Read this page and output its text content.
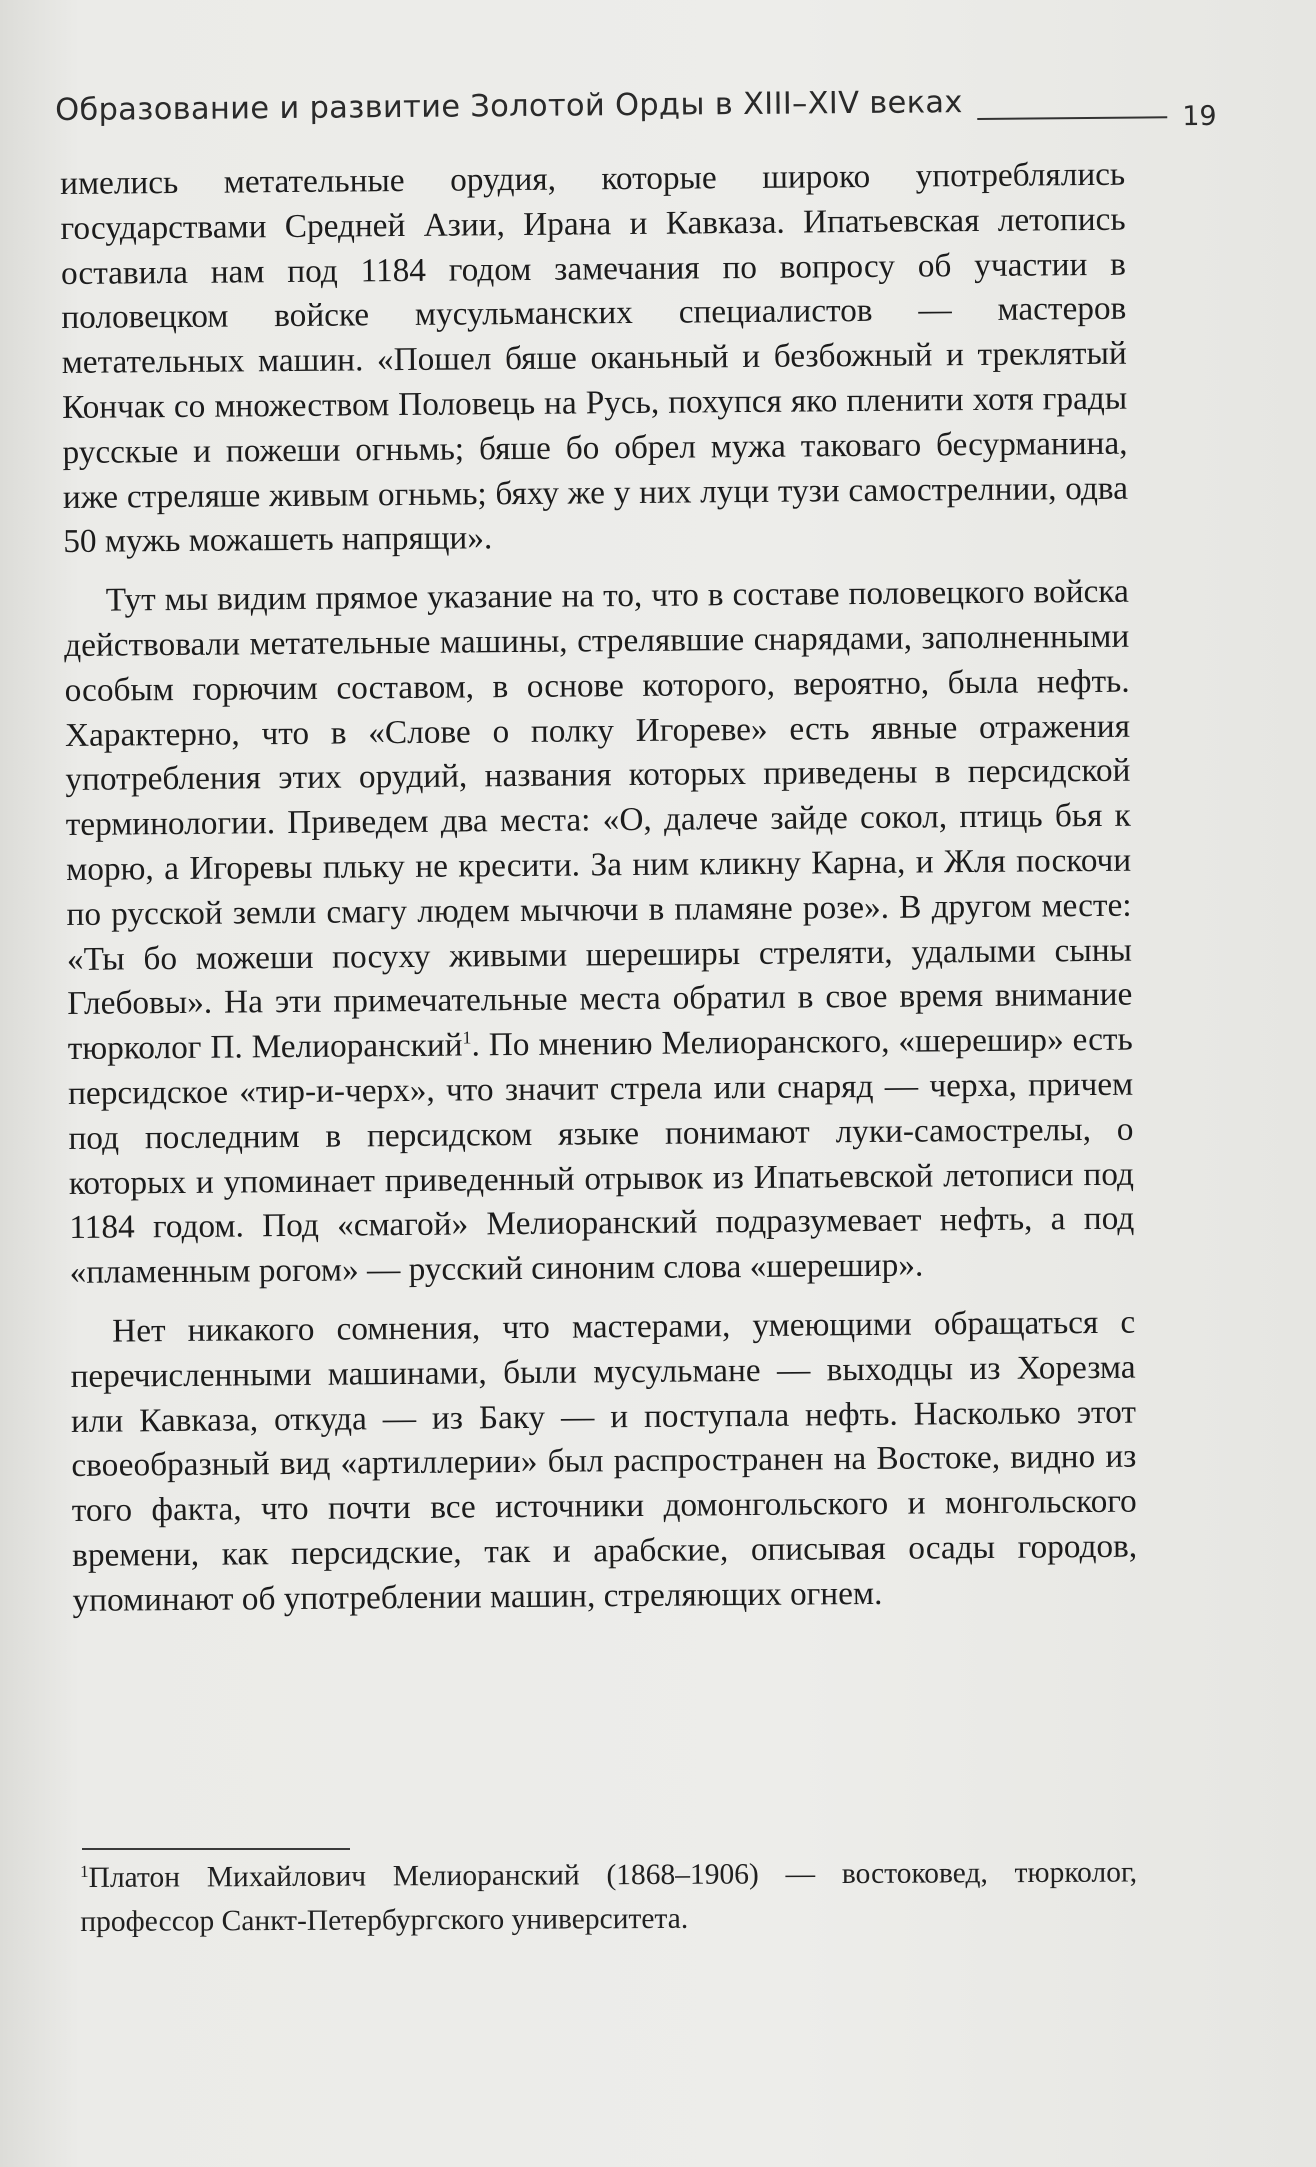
Образование и развитие Золотой Орды в XIII–XIV веках	19

имелись метательные орудия, которые широко употреблялись государствами Средней Азии, Ирана и Кавказа. Ипатьевская летопись оставила нам под 1184 годом замечания по вопросу об участии в половецком войске мусульманских специалистов — мастеров метательных машин. «Пошел бяше оканьный и безбожный и треклятый Кончак со множеством Половець на Русь, похупся яко пленити хотя грады русскые и пожеши огньмь; бяше бо обрел мужа таковаго бесурманина, иже стреляше живым огньмь; бяху же у них луци тузи самострелнии, одва 50 мужь можашеть напрящи».

Тут мы видим прямое указание на то, что в составе половецкого войска действовали метательные машины, стрелявшие снарядами, заполненными особым горючим составом, в основе которого, вероятно, была нефть. Характерно, что в «Слове о полку Игореве» есть явные отражения употребления этих орудий, названия которых приведены в персидской терминологии. Приведем два места: «О, далече зайде сокол, птиць бья к морю, а Игоревы пльку не кресити. За ним кликну Карна, и Жля поскочи по русской земли смагу людем мычючи в пламяне розе». В другом месте: «Ты бо можеши посуху живыми шереширы стреляти, удалыми сыны Глебовы». На эти примечательные места обратил в свое время внимание тюрколог П. Мелиоранский$^1$. По мнению Мелиоранского, «шерешир» есть персидское «тир-и-черх», что значит стрела или снаряд — черха, причем под последним в персидском языке понимают луки-самострелы, о которых и упоминает приведенный отрывок из Ипатьевской летописи под 1184 годом. Под «смагой» Мелиоранский подразумевает нефть, а под «пламенным рогом» — русский синоним слова «шерешир».

Нет никакого сомнения, что мастерами, умеющими обращаться с перечисленными машинами, были мусульмане — выходцы из Хорезма или Кавказа, откуда — из Баку — и поступала нефть. Насколько этот своеобразный вид «артиллерии» был распространен на Востоке, видно из того факта, что почти все источники домонгольского и монгольского времени, как персидские, так и арабские, описывая осады городов, упоминают об употреблении машин, стреляющих огнем.

$^1$Платон Михайлович Мелиоранский (1868–1906) — востоковед, тюрколог, профессор Санкт-Петербургского университета.
